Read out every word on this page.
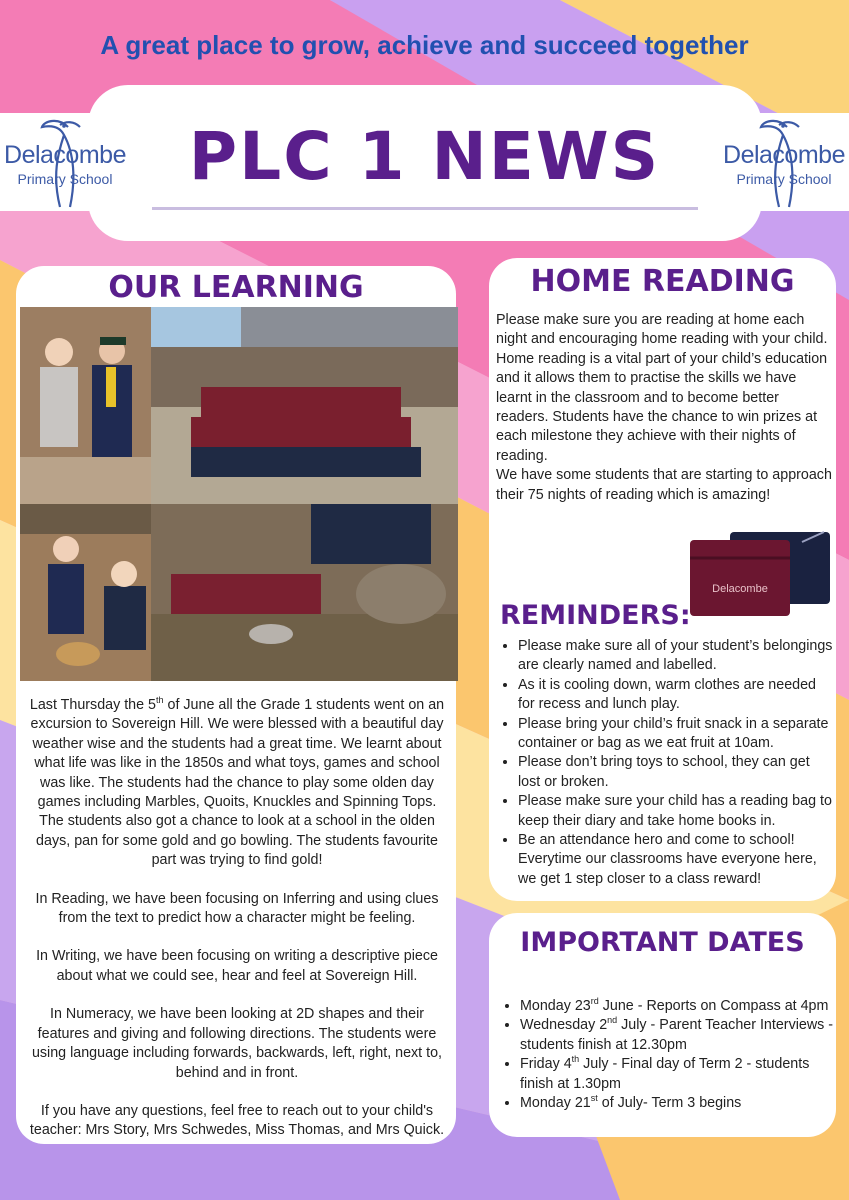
A great place to grow, achieve and succeed together
Delacombe
Primary School
Delacombe
Primary School
PLC 1 NEWS
OUR LEARNING

Last Thursday the 5th of June all the Grade 1 students went on an excursion to Sovereign Hill. We were blessed with a beautiful day weather wise and the students had a great time. We learnt about what life was like in the 1850s and what toys, games and school was like. The students had the chance to play some olden day games including Marbles, Quoits, Knuckles and Spinning Tops. The students also got a chance to look at a school in the olden days, pan for some gold and go bowling. The students favourite part was trying to find gold!

In Reading, we have been focusing on Inferring and using clues from the text to predict how a character might be feeling.

In Writing, we have been focusing on writing a descriptive piece about what we could see, hear and feel at Sovereign Hill.

In Numeracy, we have been looking at 2D shapes and their features and giving and following directions. The students were using language including forwards, backwards, left, right, next to, behind and in front.

If you have any questions, feel free to reach out to your child's teacher: Mrs Story, Mrs Schwedes, Miss Thomas, and Mrs Quick.

HOME READING

Please make sure you are reading at home each night and encouraging home reading with your child.

Home reading is a vital part of your child’s education and it allows them to practise the skills we have learnt in the classroom and to become better readers. Students have the chance to win prizes at each milestone they achieve with their nights of reading.

We have some students that are starting to approach their 75 nights of reading which is amazing!

Delacombe
REMINDERS:
• Please make sure all of your student’s belongings are clearly named and labelled.
• As it is cooling down, warm clothes are needed for recess and lunch play.
• Please bring your child’s fruit snack in a separate container or bag as we eat fruit at 10am.
• Please don’t bring toys to school, they can get lost or broken.
• Please make sure your child has a reading bag to keep their diary and take home books in.
• Be an attendance hero and come to school! Everytime our classrooms have everyone here, we get 1 step closer to a class reward!
IMPORTANT DATES
• Monday 23rd June - Reports on Compass at 4pm
• Wednesday 2nd July - Parent Teacher Interviews - students finish at 12.30pm
• Friday 4th July - Final day of Term 2 - students finish at 1.30pm
• Monday 21st of July- Term 3 begins
